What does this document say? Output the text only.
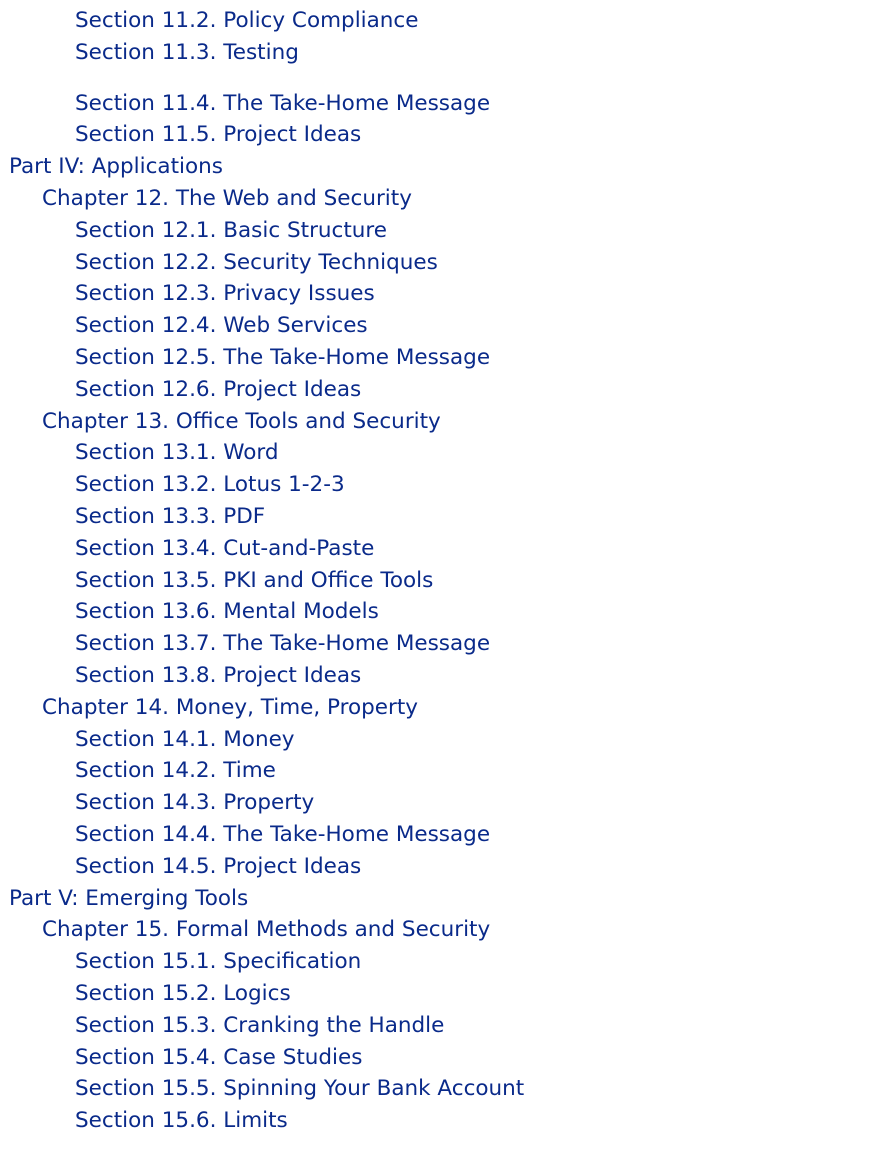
Section 11.2. Policy Compliance
Section 11.3. Testing
Section 11.4. The Take-Home Message
Section 11.5. Project Ideas
Part IV: Applications
Chapter 12. The Web and Security
Section 12.1. Basic Structure
Section 12.2. Security Techniques
Section 12.3. Privacy Issues
Section 12.4. Web Services
Section 12.5. The Take-Home Message
Section 12.6. Project Ideas
Chapter 13. Office Tools and Security
Section 13.1. Word
Section 13.2. Lotus 1-2-3
Section 13.3. PDF
Section 13.4. Cut-and-Paste
Section 13.5. PKI and Office Tools
Section 13.6. Mental Models
Section 13.7. The Take-Home Message
Section 13.8. Project Ideas
Chapter 14. Money, Time, Property
Section 14.1. Money
Section 14.2. Time
Section 14.3. Property
Section 14.4. The Take-Home Message
Section 14.5. Project Ideas
Part V: Emerging Tools
Chapter 15. Formal Methods and Security
Section 15.1. Specification
Section 15.2. Logics
Section 15.3. Cranking the Handle
Section 15.4. Case Studies
Section 15.5. Spinning Your Bank Account
Section 15.6. Limits
